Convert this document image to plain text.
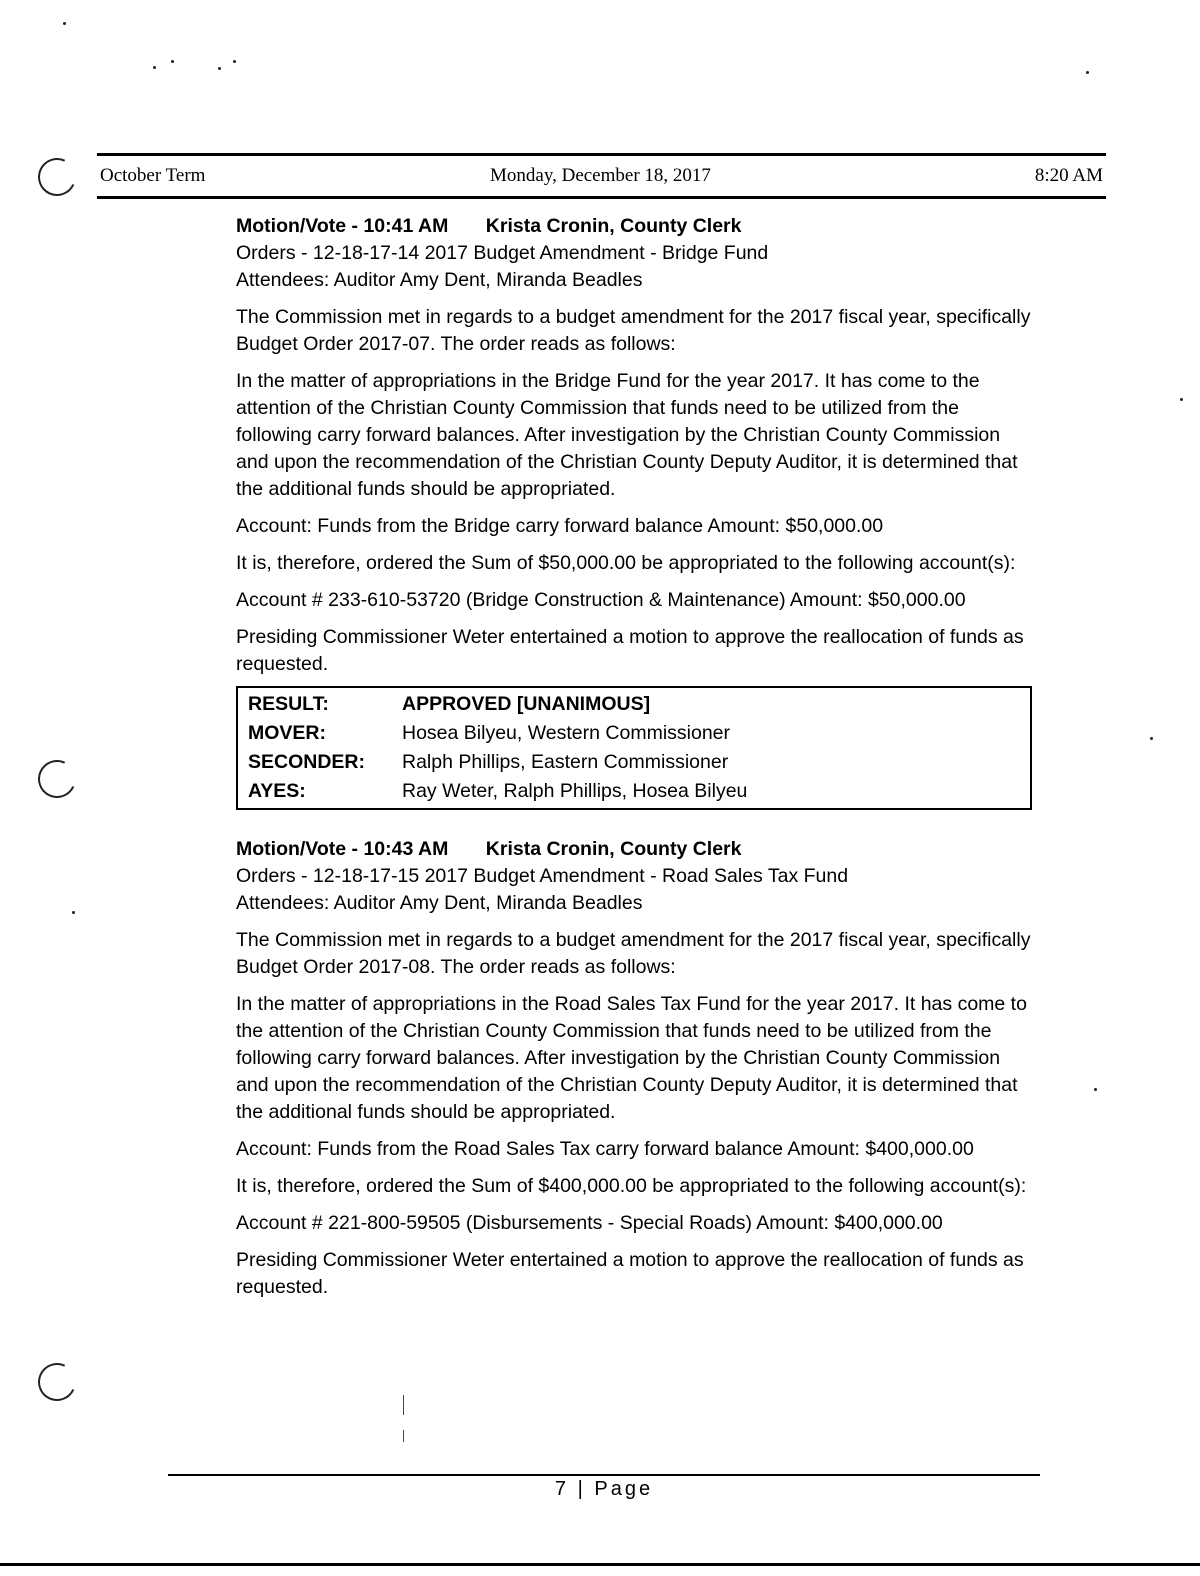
October Term	Monday, December 18, 2017	8:20 AM
Motion/Vote - 10:41 AM Krista Cronin, County Clerk
Orders - 12-18-17-14 2017 Budget Amendment - Bridge Fund
Attendees: Auditor Amy Dent, Miranda Beadles

The Commission met in regards to a budget amendment for the 2017 fiscal year, specifically Budget Order 2017-07. The order reads as follows:

In the matter of appropriations in the Bridge Fund for the year 2017. It has come to the attention of the Christian County Commission that funds need to be utilized from the following carry forward balances. After investigation by the Christian County Commission and upon the recommendation of the Christian County Deputy Auditor, it is determined that the additional funds should be appropriated.

Account: Funds from the Bridge carry forward balance Amount: $50,000.00

It is, therefore, ordered the Sum of $50,000.00 be appropriated to the following account(s):

Account # 233-610-53720 (Bridge Construction & Maintenance) Amount: $50,000.00

Presiding Commissioner Weter entertained a motion to approve the reallocation of funds as requested.

RESULT:	APPROVED [UNANIMOUS]
MOVER:	Hosea Bilyeu, Western Commissioner
SECONDER:	Ralph Phillips, Eastern Commissioner
AYES:	Ray Weter, Ralph Phillips, Hosea Bilyeu
Motion/Vote - 10:43 AM Krista Cronin, County Clerk
Orders - 12-18-17-15 2017 Budget Amendment - Road Sales Tax Fund
Attendees: Auditor Amy Dent, Miranda Beadles

The Commission met in regards to a budget amendment for the 2017 fiscal year, specifically Budget Order 2017-08. The order reads as follows:

In the matter of appropriations in the Road Sales Tax Fund for the year 2017. It has come to the attention of the Christian County Commission that funds need to be utilized from the following carry forward balances. After investigation by the Christian County Commission and upon the recommendation of the Christian County Deputy Auditor, it is determined that the additional funds should be appropriated.

Account: Funds from the Road Sales Tax carry forward balance Amount: $400,000.00

It is, therefore, ordered the Sum of $400,000.00 be appropriated to the following account(s):

Account # 221-800-59505 (Disbursements - Special Roads) Amount: $400,000.00

Presiding Commissioner Weter entertained a motion to approve the reallocation of funds as requested.

7 | Page
